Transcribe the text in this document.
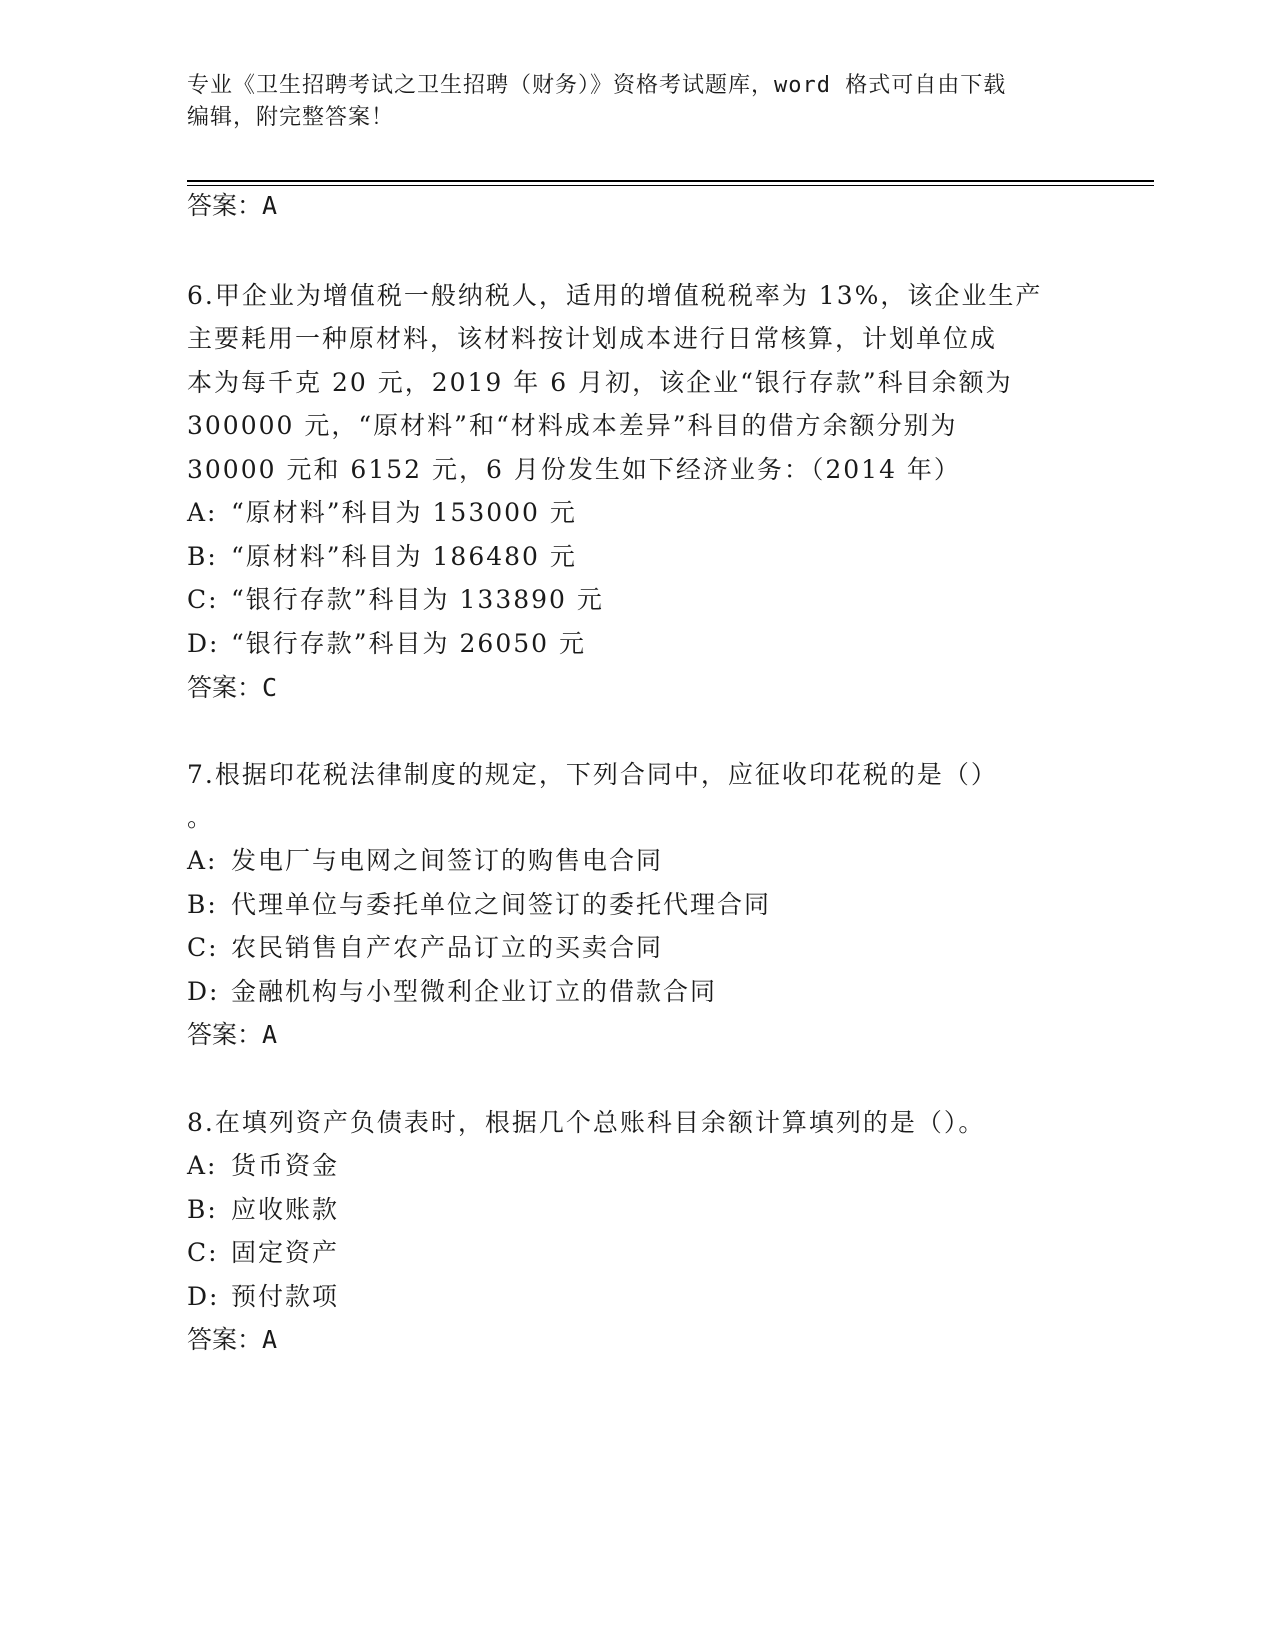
专业《卫生招聘考试之卫生招聘（财务）》资格考试题库，word 格式可自由下载
编辑，附完整答案！
答案：A
6.甲企业为增值税一般纳税人，适用的增值税税率为 13%，该企业生产
主要耗用一种原材料，该材料按计划成本进行日常核算，计划单位成
本为每千克 20 元，2019 年 6 月初，该企业“银行存款”科目余额为
300000 元，“原材料”和“材料成本差异”科目的借方余额分别为
30000 元和 6152 元，6 月份发生如下经济业务：（2014 年）
A: “原材料”科目为 153000 元
B: “原材料”科目为 186480 元
C: “银行存款”科目为 133890 元
D: “银行存款”科目为 26050 元
答案：C
7.根据印花税法律制度的规定，下列合同中，应征收印花税的是（）
。
A: 发电厂与电网之间签订的购售电合同
B: 代理单位与委托单位之间签订的委托代理合同
C: 农民销售自产农产品订立的买卖合同
D: 金融机构与小型微利企业订立的借款合同
答案：A
8.在填列资产负债表时，根据几个总账科目余额计算填列的是（）。
A: 货币资金
B: 应收账款
C: 固定资产
D: 预付款项
答案：A
